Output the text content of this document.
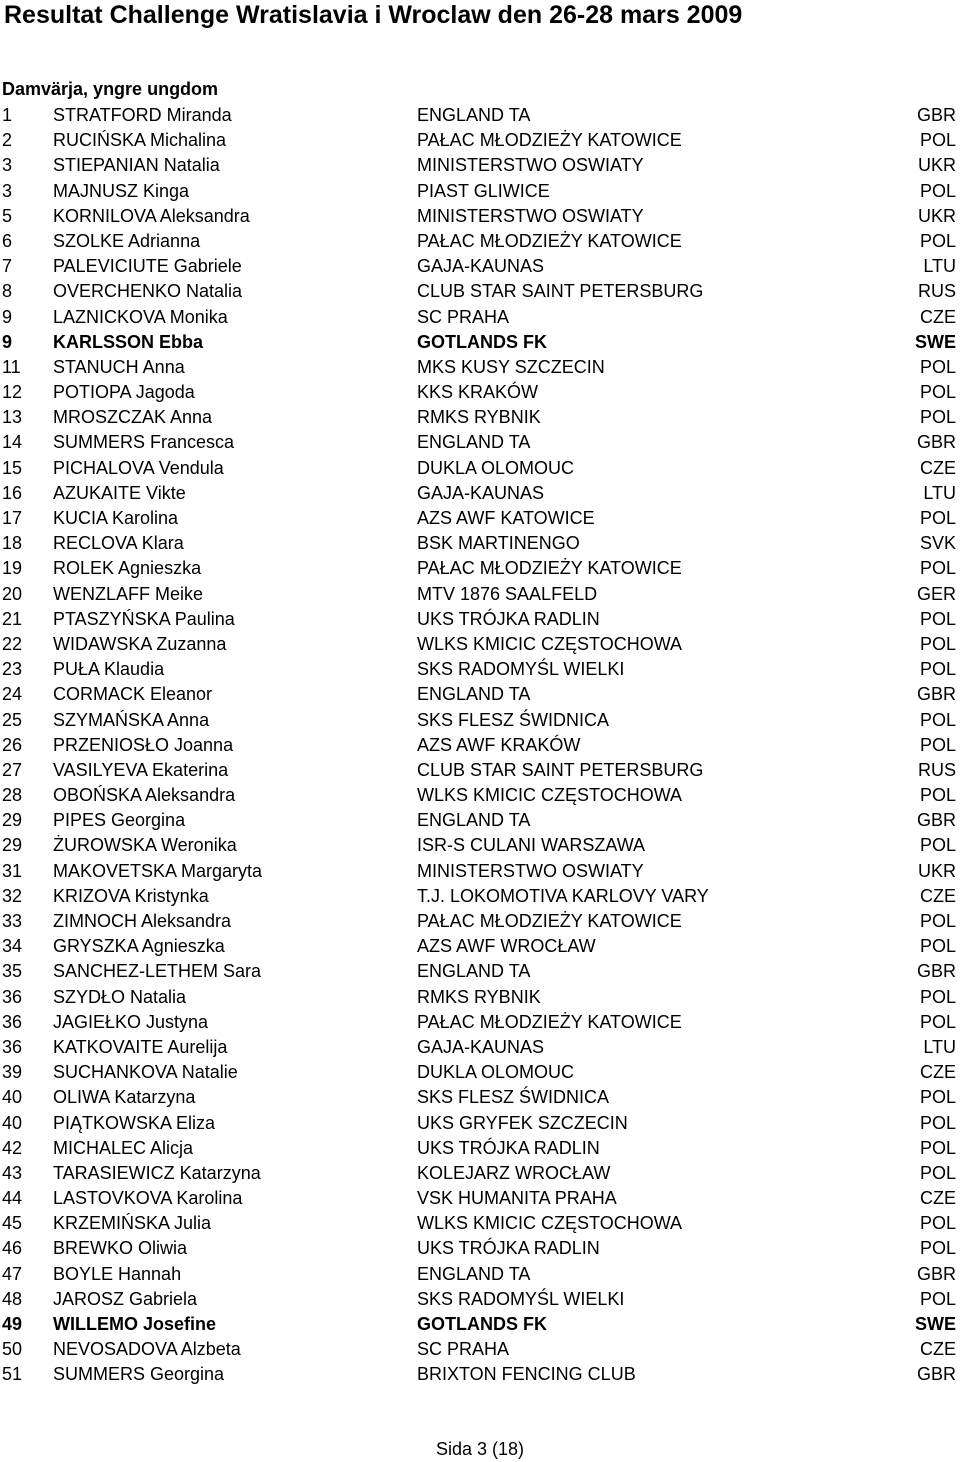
Resultat Challenge Wratislavia i Wroclaw den 26-28 mars 2009
Damvärja, yngre ungdom
1 STRATFORD Miranda	ENGLAND TA	GBR
2 RUCIŃSKA Michalina	PAŁAC MŁODZIEŻY KATOWICE	POL
3 STIEPANIAN Natalia	MINISTERSTWO OSWIATY	UKR
3 MAJNUSZ Kinga	PIAST GLIWICE	POL
5 KORNILOVA Aleksandra	MINISTERSTWO OSWIATY	UKR
6 SZOLKE Adrianna	PAŁAC MŁODZIEŻY KATOWICE	POL
7 PALEVICIUTE Gabriele	GAJA-KAUNAS	LTU
8 OVERCHENKO Natalia	CLUB STAR SAINT PETERSBURG	RUS
9 LAZNICKOVA Monika	SC PRAHA	CZE
9 KARLSSON Ebba	GOTLANDS FK	SWE
11 STANUCH Anna	MKS KUSY SZCZECIN	POL
12 POTIOPA Jagoda	KKS KRAKÓW	POL
13 MROSZCZAK Anna	RMKS RYBNIK	POL
14 SUMMERS Francesca	ENGLAND TA	GBR
15 PICHALOVA Vendula	DUKLA OLOMOUC	CZE
16 AZUKAITE Vikte	GAJA-KAUNAS	LTU
17 KUCIA Karolina	AZS AWF KATOWICE	POL
18 RECLOVA Klara	BSK MARTINENGO	SVK
19 ROLEK Agnieszka	PAŁAC MŁODZIEŻY KATOWICE	POL
20 WENZLAFF Meike	MTV 1876 SAALFELD	GER
21 PTASZYŃSKA Paulina	UKS TRÓJKA RADLIN	POL
22 WIDAWSKA Zuzanna	WLKS KMICIC CZĘSTOCHOWA	POL
23 PUŁA Klaudia	SKS RADOMYŚL WIELKI	POL
24 CORMACK Eleanor	ENGLAND TA	GBR
25 SZYMAŃSKA Anna	SKS FLESZ ŚWIDNICA	POL
26 PRZENIOSŁO Joanna	AZS AWF KRAKÓW	POL
27 VASILYEVA Ekaterina	CLUB STAR SAINT PETERSBURG	RUS
28 OBOŃSKA Aleksandra	WLKS KMICIC CZĘSTOCHOWA	POL
29 PIPES Georgina	ENGLAND TA	GBR
29 ŻUROWSKA Weronika	ISR-S CULANI WARSZAWA	POL
31 MAKOVETSKA Margaryta	MINISTERSTWO OSWIATY	UKR
32 KRIZOVA Kristynka	T.J. LOKOMOTIVA KARLOVY VARY	CZE
33 ZIMNOCH Aleksandra	PAŁAC MŁODZIEŻY KATOWICE	POL
34 GRYSZKA Agnieszka	AZS AWF WROCŁAW	POL
35 SANCHEZ-LETHEM Sara	ENGLAND TA	GBR
36 SZYDŁO Natalia	RMKS RYBNIK	POL
36 JAGIEŁKO Justyna	PAŁAC MŁODZIEŻY KATOWICE	POL
36 KATKOVAITE Aurelija	GAJA-KAUNAS	LTU
39 SUCHANKOVA Natalie	DUKLA OLOMOUC	CZE
40 OLIWA Katarzyna	SKS FLESZ ŚWIDNICA	POL
40 PIĄTKOWSKA Eliza	UKS GRYFEK SZCZECIN	POL
42 MICHALEC Alicja	UKS TRÓJKA RADLIN	POL
43 TARASIEWICZ Katarzyna	KOLEJARZ WROCŁAW	POL
44 LASTOVKOVA Karolina	VSK HUMANITA PRAHA	CZE
45 KRZEMIŃSKA Julia	WLKS KMICIC CZĘSTOCHOWA	POL
46 BREWKO Oliwia	UKS TRÓJKA RADLIN	POL
47 BOYLE Hannah	ENGLAND TA	GBR
48 JAROSZ Gabriela	SKS RADOMYŚL WIELKI	POL
49 WILLEMO Josefine	GOTLANDS FK	SWE
50 NEVOSADOVA Alzbeta	SC PRAHA	CZE
51 SUMMERS Georgina	BRIXTON FENCING CLUB	GBR
Sida 3 (18)
